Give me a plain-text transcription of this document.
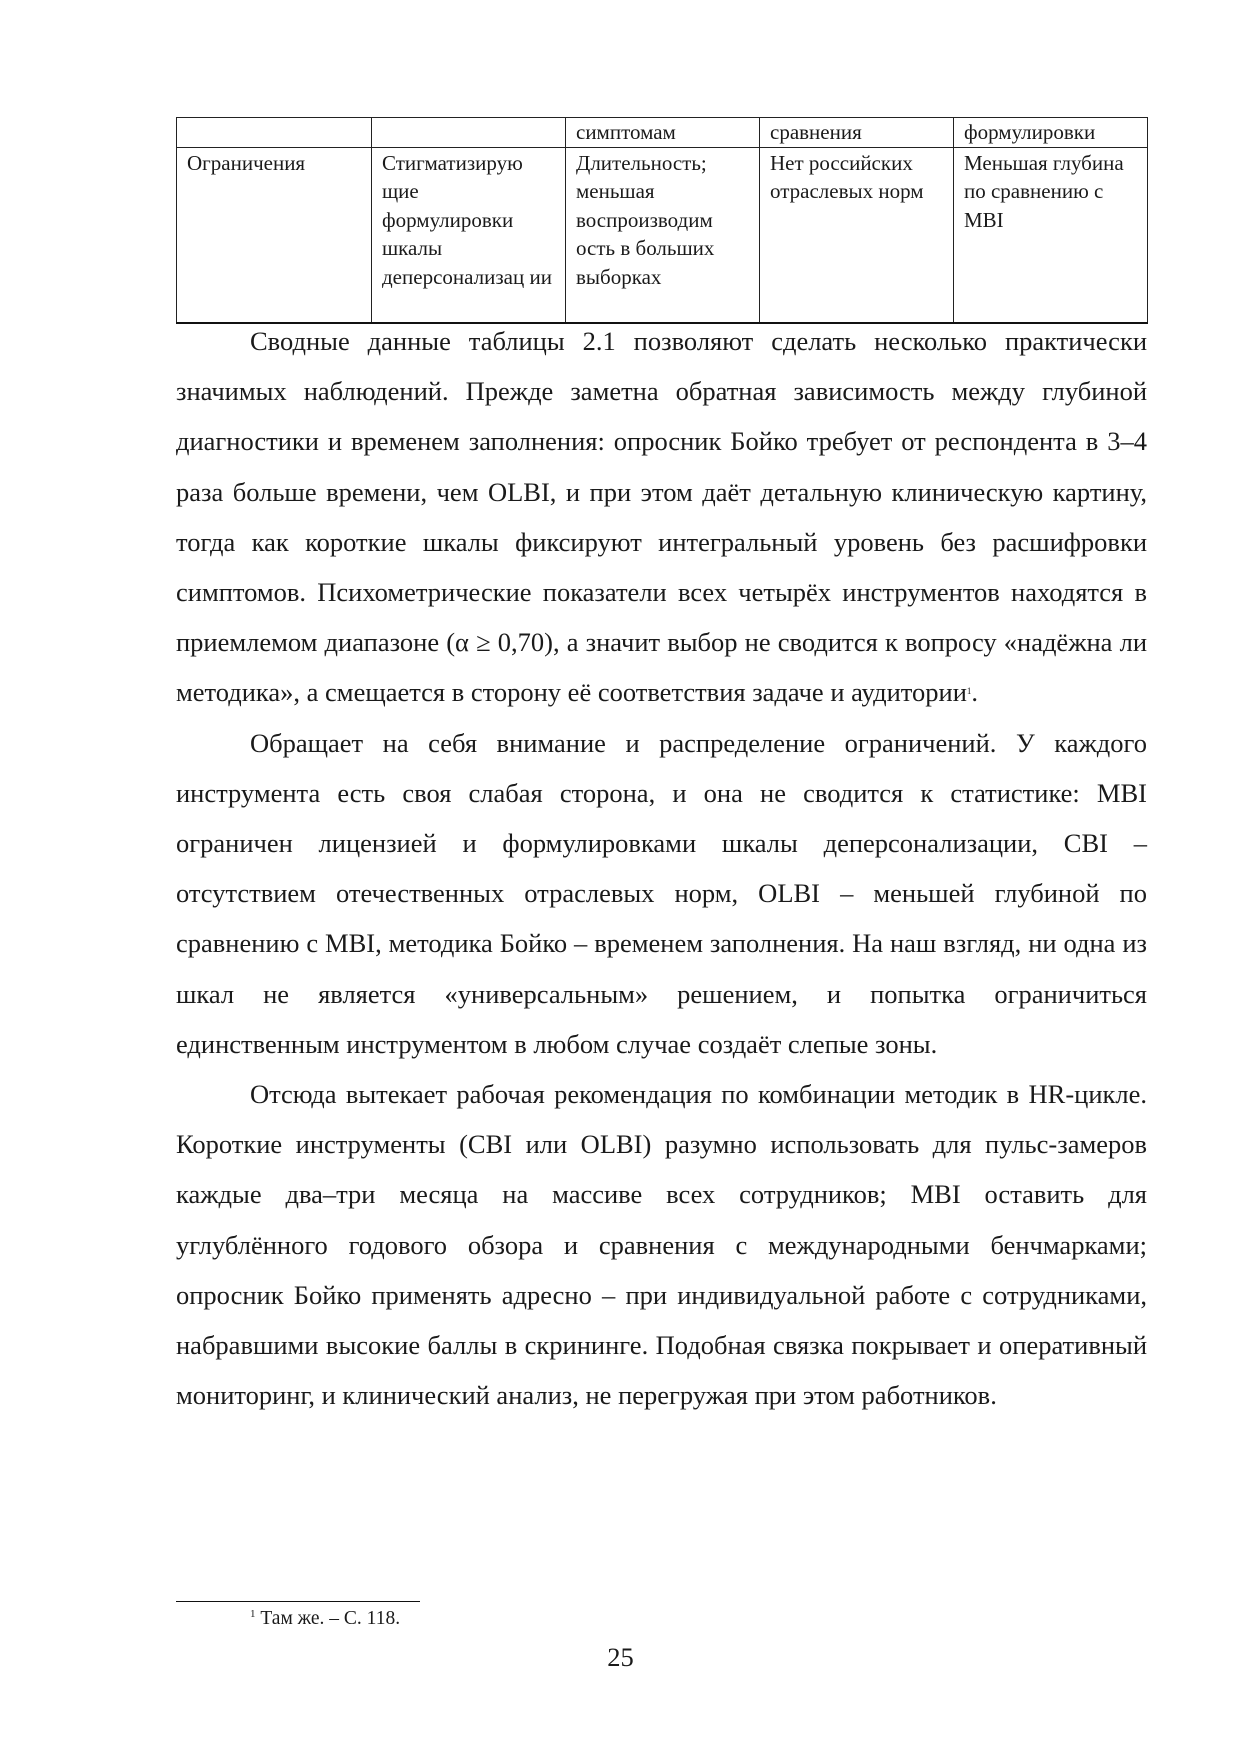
		симптомам	сравнения	формулировки
Ограничения	Стигматизирую щие формулировки шкалы деперсонализац ии	Длительность; меньшая воспроизводим ость в больших выборках	Нет российских отраслевых норм	Меньшая глубина по сравнению с MBI

Сводные данные таблицы 2.1 позволяют сделать несколько практически значимых наблюдений. Прежде заметна обратная зависимость между глубиной диагностики и временем заполнения: опросник Бойко требует от респондента в 3–4 раза больше времени, чем OLBI, и при этом даёт детальную клиническую картину, тогда как короткие шкалы фиксируют интегральный уровень без расшифровки симптомов. Психометрические показатели всех четырёх инструментов находятся в приемлемом диапазоне (α ≥ 0,70), а значит выбор не сводится к вопросу «надёжна ли методика», а смещается в сторону её соответствия задаче и аудитории$^1$.

Обращает на себя внимание и распределение ограничений. У каждого инструмента есть своя слабая сторона, и она не сводится к статистике: MBI ограничен лицензией и формулировками шкалы деперсонализации, CBI – отсутствием отечественных отраслевых норм, OLBI – меньшей глубиной по сравнению с MBI, методика Бойко – временем заполнения. На наш взгляд, ни одна из шкал не является «универсальным» решением, и попытка ограничиться единственным инструментом в любом случае создаёт слепые зоны.

Отсюда вытекает рабочая рекомендация по комбинации методик в HR-цикле. Короткие инструменты (CBI или OLBI) разумно использовать для пульс-замеров каждые два–три месяца на массиве всех сотрудников; MBI оставить для углублённого годового обзора и сравнения с международными бенчмарками; опросник Бойко применять адресно – при индивидуальной работе с сотрудниками, набравшими высокие баллы в скрининге. Подобная связка покрывает и оперативный мониторинг, и клинический анализ, не перегружая при этом работников.

$^1$ Там же. – С. 118.
25
